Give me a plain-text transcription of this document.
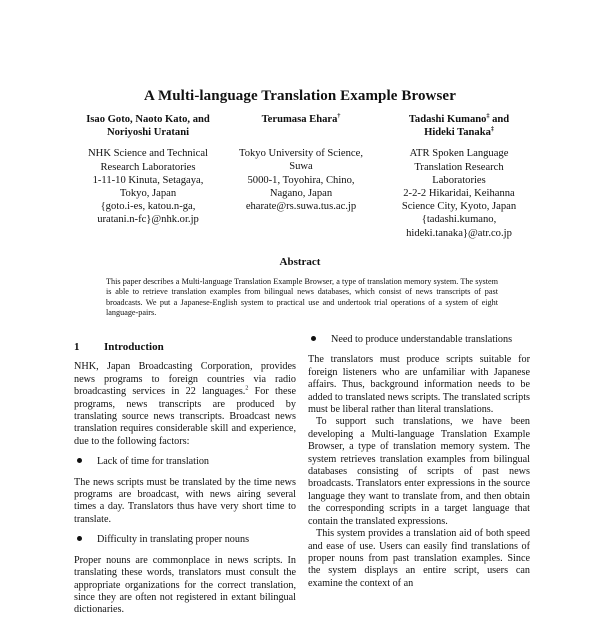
A Multi-language Translation Example Browser
Isao Goto, Naoto Kato, and
Noriyoshi Uratani
NHK Science and Technical
Research Laboratories
1-11-10 Kinuta, Setagaya,
Tokyo, Japan
{goto.i-es, katou.n-ga,
uratani.n-fc}@nhk.or.jp
Terumasa Ehara†
Tokyo University of Science,
Suwa
5000-1, Toyohira, Chino,
Nagano, Japan
eharate@rs.suwa.tus.ac.jp
Tadashi Kumano‡ and
Hideki Tanaka‡
ATR Spoken Language
Translation Research
Laboratories
2-2-2 Hikaridai, Keihanna
Science City, Kyoto, Japan
{tadashi.kumano,
hideki.tanaka}@atr.co.jp
Abstract
This paper describes a Multi-language Translation Example Browser, a type of translation memory system. The system is able to retrieve translation examples from bilingual news databases, which consist of news transcripts of past broadcasts. We put a Japanese-English system to practical use and undertook trial operations of a system of eight language-pairs.
1	Introduction

NHK, Japan Broadcasting Corporation, provides news programs to foreign countries via radio broadcasting services in 22 languages.$^2$ For these programs, news transcripts are produced by translating source news transcripts. Broadcast news translation requires considerable skill and experience, due to the following factors:

Lack of time for translation

The news scripts must be translated by the time news programs are broadcast, with news airing several times a day. Translators thus have very short time to translate.

Difficulty in translating proper nouns

Proper nouns are commonplace in news scripts. In translating these words, translators must consult the appropriate organizations for the correct translation, since they are often not registered in extant bilingual dictionaries.

Need to produce understandable translations

The translators must produce scripts suitable for foreign listeners who are unfamiliar with Japanese affairs. Thus, background information needs to be added to translated news scripts. The translated scripts must be liberal rather than literal translations.

To support such translations, we have been developing a Multi-language Translation Example Browser, a type of translation memory system. The system retrieves translation examples from bilingual databases consisting of scripts of past news broadcasts. Translators enter expressions in the source language they want to translate from, and then obtain the corresponding scripts in a target language that contain the translated expressions.

This system provides a translation aid of both speed and ease of use. Users can easily find translations of proper nouns from past translation examples. Since the system displays an entire script, users can examine the context of an
